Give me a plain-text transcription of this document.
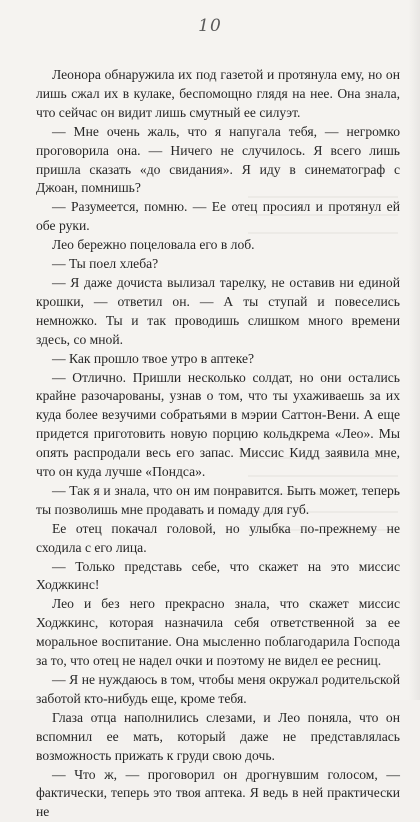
10

Леонора обнаружила их под газетой и протянула ему, но он лишь сжал их в кулаке, беспомощно глядя на нее. Она знала, что сейчас он видит лишь смутный ее силуэт.

— Мне очень жаль, что я напугала тебя, — негромко проговорила она. — Ничего не случилось. Я всего лишь пришла сказать «до свидания». Я иду в синематограф с Джоан, помнишь?

— Разумеется, помню. — Ее отец просиял и протянул ей обе руки.

Лео бережно поцеловала его в лоб.

— Ты поел хлеба?

— Я даже дочиста вылизал тарелку, не оставив ни единой крошки, — ответил он. — А ты ступай и повеселись немножко. Ты и так проводишь слишком много времени здесь, со мной.

— Как прошло твое утро в аптеке?

— Отлично. Пришли несколько солдат, но они остались крайне разочарованы, узнав о том, что ты ухаживаешь за их куда более везучими собратьями в мэрии Саттон-Вени. А еще придется приготовить новую порцию кольдкрема «Лео». Мы опять распродали весь его запас. Миссис Кидд заявила мне, что он куда лучше «Пондса».

— Так я и знала, что он им понравится. Быть может, теперь ты позволишь мне продавать и помаду для губ.

Ее отец покачал головой, но улыбка по-прежнему не сходила с его лица.

— Только представь себе, что скажет на это миссис Ходжкинс!

Лео и без него прекрасно знала, что скажет миссис Ходжкинс, которая назначила себя ответственной за ее моральное воспитание. Она мысленно поблагодарила Господа за то, что отец не надел очки и поэтому не видел ее ресниц.

— Я не нуждаюсь в том, чтобы меня окружал родительской заботой кто-нибудь еще, кроме тебя.

Глаза отца наполнились слезами, и Лео поняла, что он вспомнил ее мать, который даже не представлялась возможность прижать к груди свою дочь.

— Что ж, — проговорил он дрогнувшим голосом, — фактически, теперь это твоя аптека. Я ведь в ней практически не
